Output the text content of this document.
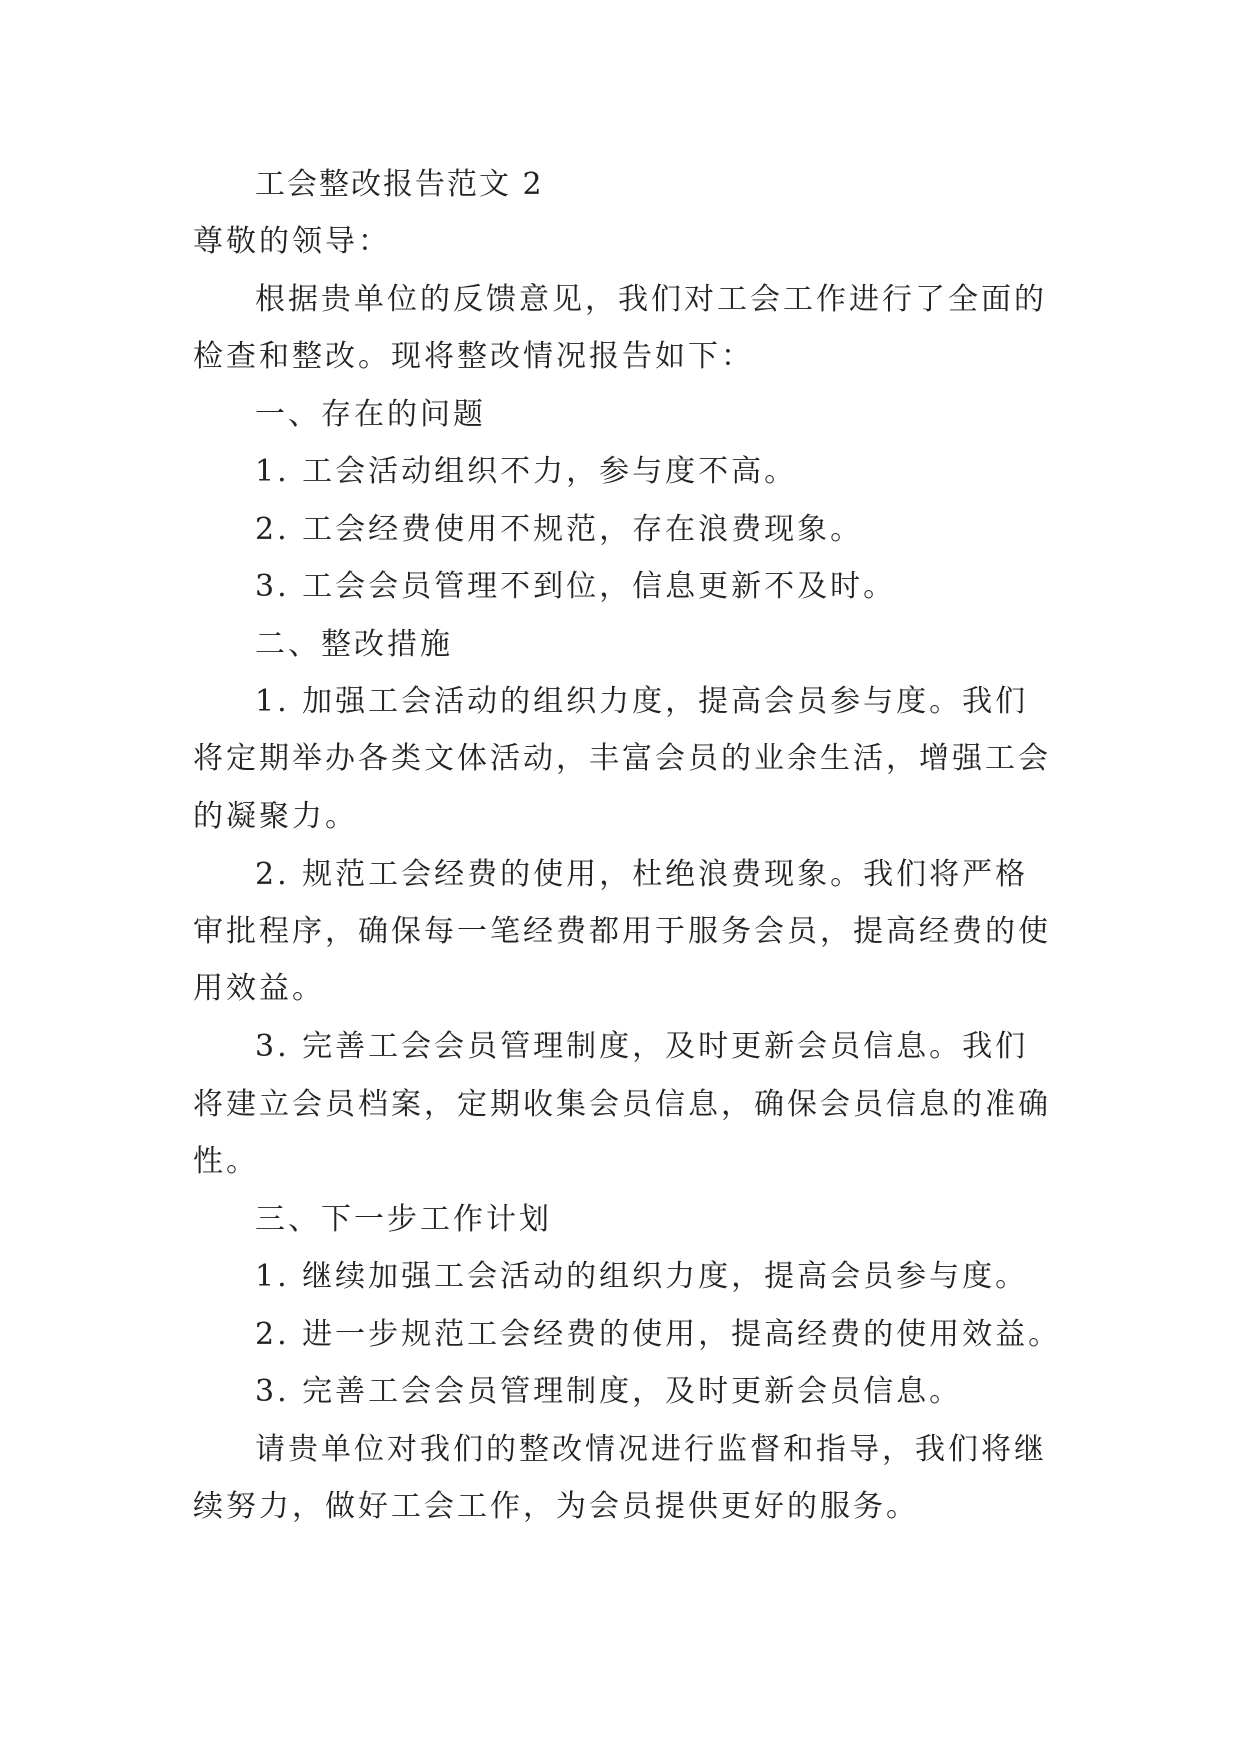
工会整改报告范文 2

尊敬的领导：

根据贵单位的反馈意见，我们对工会工作进行了全面的

检查和整改。现将整改情况报告如下：

一、存在的问题

1. 工会活动组织不力，参与度不高。

2. 工会经费使用不规范，存在浪费现象。

3. 工会会员管理不到位，信息更新不及时。

二、整改措施

1. 加强工会活动的组织力度，提高会员参与度。我们

将定期举办各类文体活动，丰富会员的业余生活，增强工会

的凝聚力。

2. 规范工会经费的使用，杜绝浪费现象。我们将严格

审批程序，确保每一笔经费都用于服务会员，提高经费的使

用效益。

3. 完善工会会员管理制度，及时更新会员信息。我们

将建立会员档案，定期收集会员信息，确保会员信息的准确

性。

三、下一步工作计划

1. 继续加强工会活动的组织力度，提高会员参与度。

2. 进一步规范工会经费的使用，提高经费的使用效益。

3. 完善工会会员管理制度，及时更新会员信息。

请贵单位对我们的整改情况进行监督和指导，我们将继

续努力，做好工会工作，为会员提供更好的服务。
